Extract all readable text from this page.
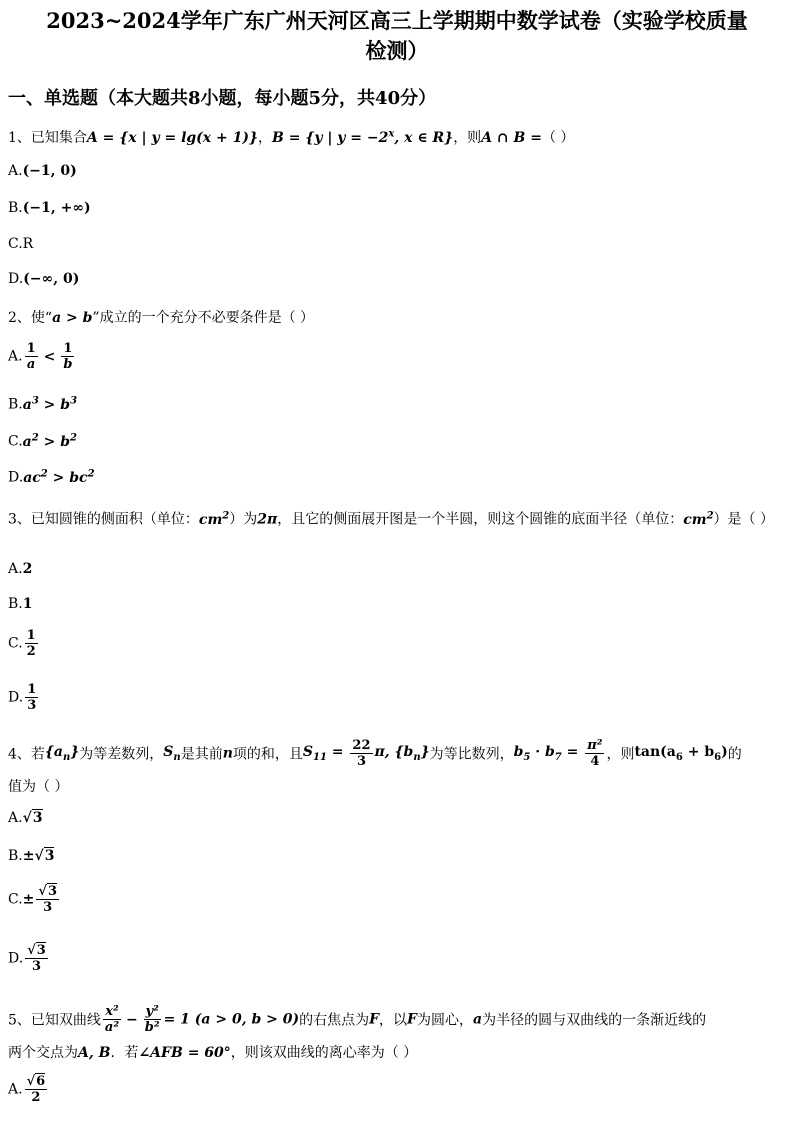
2023~2024学年广东广州天河区高三上学期期中数学试卷（实验学校质量
检测）
一、单选题（本大题共8小题，每小题5分，共40分）
1、已知集合A = {x | y = lg(x + 1)}，B = {y | $y = -2^x$, x ∈ R}，则A ∩ B =（ ）
A.(−1, 0)
B.(−1, +∞)
C.R
D.(−∞, 0)
2、使“a > b”成立的一个充分不必要条件是（ ）
A. $\frac{1}{a} < \frac{1}{b}$
$B.a^3 > b^3$
$C.a^2 > b^2$
$D.ac^2 > bc^2$
3、已知圆锥的侧面积（单位：$cm^2$）为2π，且它的侧面展开图是一个半圆，则这个圆锥的底面半径（单位：$cm^2$）是（ ）
A.2
B.1
C. $\frac{1}{2}$
D. $\frac{1}{3}$
4、若$\{a_n\}$为等差数列，$S_n$是其前n项的和，且$S_{11} = \frac{22}{3} \pi$, $\{b_n\}$为等比数列，$b_5 \cdot b_7 = \frac{\text{π²}}{4}$ ，则$\tan(a_6 + b_6)$的
值为（ ）
A.√3
B.±√3
$C.\pm \frac{√3}{3}$
D. $\frac{√3}{3}$
5、已知双曲线 $\frac{\text{x²}}{\text{a²}} - \frac{\text{y²}}{\text{b²}} = 1$ (a > 0, b > 0)的右焦点为F，以F为圆心，a为半径的圆与双曲线的一条渐近线的
两个交点为A, B．若∠AFB = 60°，则该双曲线的离心率为（ ）
A. $\frac{√6}{2}$
